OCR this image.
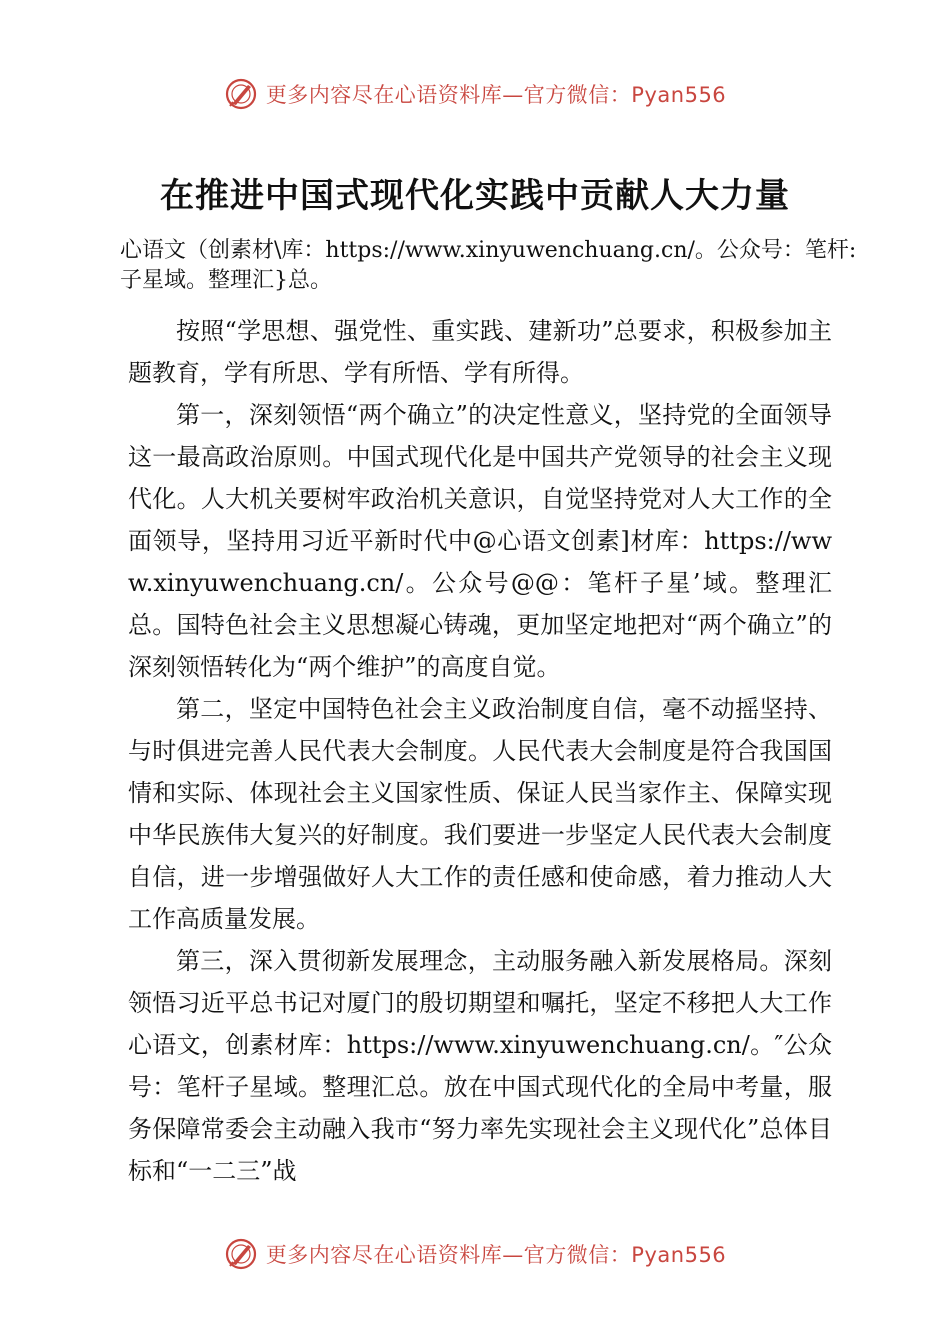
更多内容尽在心语资料库—官方微信：Pyan556
在推进中国式现代化实践中贡献人大力量

心语文（创素材\库：https://www.xinyuwenchuang.cn/。公众号：笔杆:子星域。整理汇}总。

按照“学思想、强党性、重实践、建新功”总要求，积极参加主题教育，学有所思、学有所悟、学有所得。

第一，深刻领悟“两个确立”的决定性意义，坚持党的全面领导这一最高政治原则。中国式现代化是中国共产党领导的社会主义现代化。人大机关要树牢政治机关意识，自觉坚持党对人大工作的全面领导，坚持用习近平新时代中@心语文创素]材库：https://www.xinyuwenchuang.cn/。公众号@@：笔杆子星’域。整理汇总。国特色社会主义思想凝心铸魂，更加坚定地把对“两个确立”的深刻领悟转化为“两个维护”的高度自觉。

第二，坚定中国特色社会主义政治制度自信，毫不动摇坚持、与时俱进完善人民代表大会制度。人民代表大会制度是符合我国国情和实际、体现社会主义国家性质、保证人民当家作主、保障实现中华民族伟大复兴的好制度。我们要进一步坚定人民代表大会制度自信，进一步增强做好人大工作的责任感和使命感，着力推动人大工作高质量发展。

第三，深入贯彻新发展理念，主动服务融入新发展格局。深刻领悟习近平总书记对厦门的殷切期望和嘱托，坚定不移把人大工作心语文，创素材库：https://www.xinyuwenchuang.cn/。″公众号：笔杆子星域。整理汇总。放在中国式现代化的全局中考量，服务保障常委会主动融入我市“努力率先实现社会主义现代化”总体目标和“一二三”战

更多内容尽在心语资料库—官方微信：Pyan556
